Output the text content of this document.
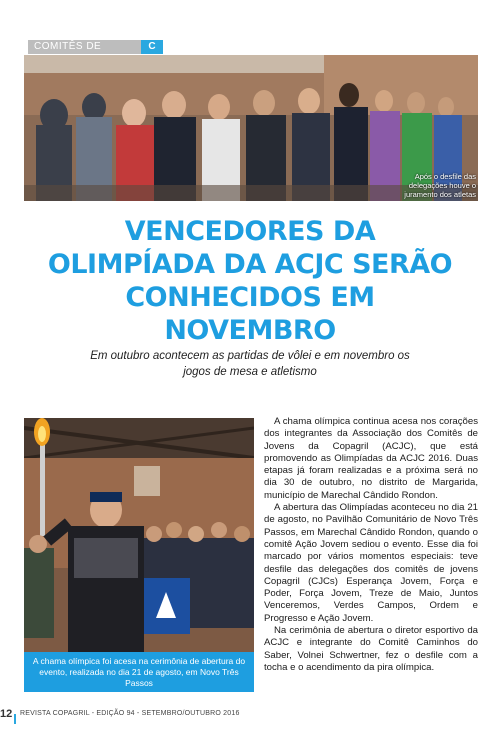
COMITÊS DE	C
Após o desfile das delegações houve o juramento dos atletas
VENCEDORES DA OLIMPÍADA DA ACJC SERÃO CONHECIDOS EM NOVEMBRO

Em outubro acontecem as partidas de vôlei e em novembro os jogos de mesa e atletismo

A chama olímpica foi acesa na cerimônia de abertura do evento, realizada no dia 21 de agosto, em Novo Três Passos

A chama olímpica continua acesa nos corações dos integrantes da Associação dos Comitês de Jovens da Copagril (ACJC), que está promovendo as Olimpíadas da ACJC 2016. Duas etapas já foram realizadas e a próxima será no dia 30 de outubro, no distrito de Margarida, município de Marechal Cândido Rondon.

A abertura das Olimpíadas aconteceu no dia 21 de agosto, no Pavilhão Comunitário de Novo Três Passos, em Marechal Cândido Rondon, quando o comitê Ação Jovem sediou o evento. Esse dia foi marcado por vários momentos especiais: teve desfile das delegações dos comitês de jovens Copagril (CJCs) Esperança Jovem, Força e Poder, Força Jovem, Treze de Maio, Juntos Venceremos, Verdes Campos, Ordem e Progresso e Ação Jovem.

Na cerimônia de abertura o diretor esportivo da ACJC e integrante do Comitê Caminhos do Saber, Volnei Schwertner, fez o desfile com a tocha e o acendimento da pira olímpica.

12 REVISTA COPAGRIL - EDIÇÃO 94 - SETEMBRO/OUTUBRO 2016
